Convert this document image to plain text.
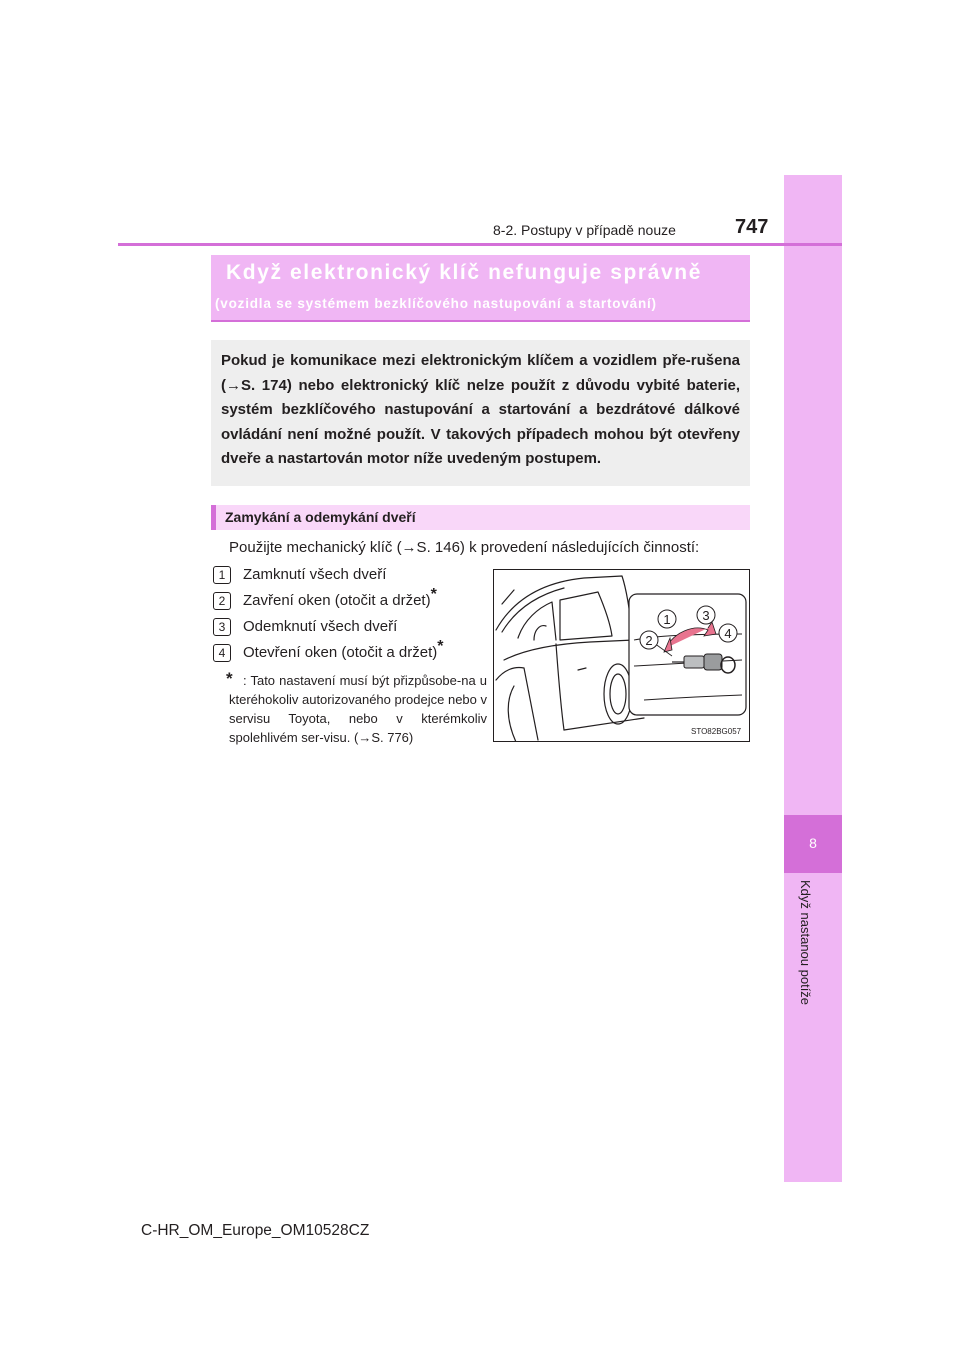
8
Když nastanou potíže
8-2. Postupy v případě nouze	747
Když elektronický klíč nefunguje správně
(vozidla se systémem bezklíčového nastupování a startování)

Pokud je komunikace mezi elektronickým klíčem a vozidlem pře-rušena (→S. 174) nebo elektronický klíč nelze použít z důvodu vybité baterie, systém bezklíčového nastupování a startování a bezdrátové dálkové ovládání není možné použít. V takových případech mohou být otevřeny dveře a nastartován motor níže uvedeným postupem.

Zamykání a odemykání dveří
Použijte mechanický klíč (→S. 146) k provedení následujících činností:
1	Zamknutí všech dveří
2	Zavření oken (otočit a držet)*
3	Odemknutí všech dveří
4	Otevření oken (otočit a držet)*
* : Tato nastavení musí být přizpůsobe-na u kteréhokoliv autorizovaného prodejce nebo v servisu Toyota, nebo v kterémkoliv spolehlivém ser-visu. (→S. 776)
1
2
3
4
STO82BG057
C-HR_OM_Europe_OM10528CZ
